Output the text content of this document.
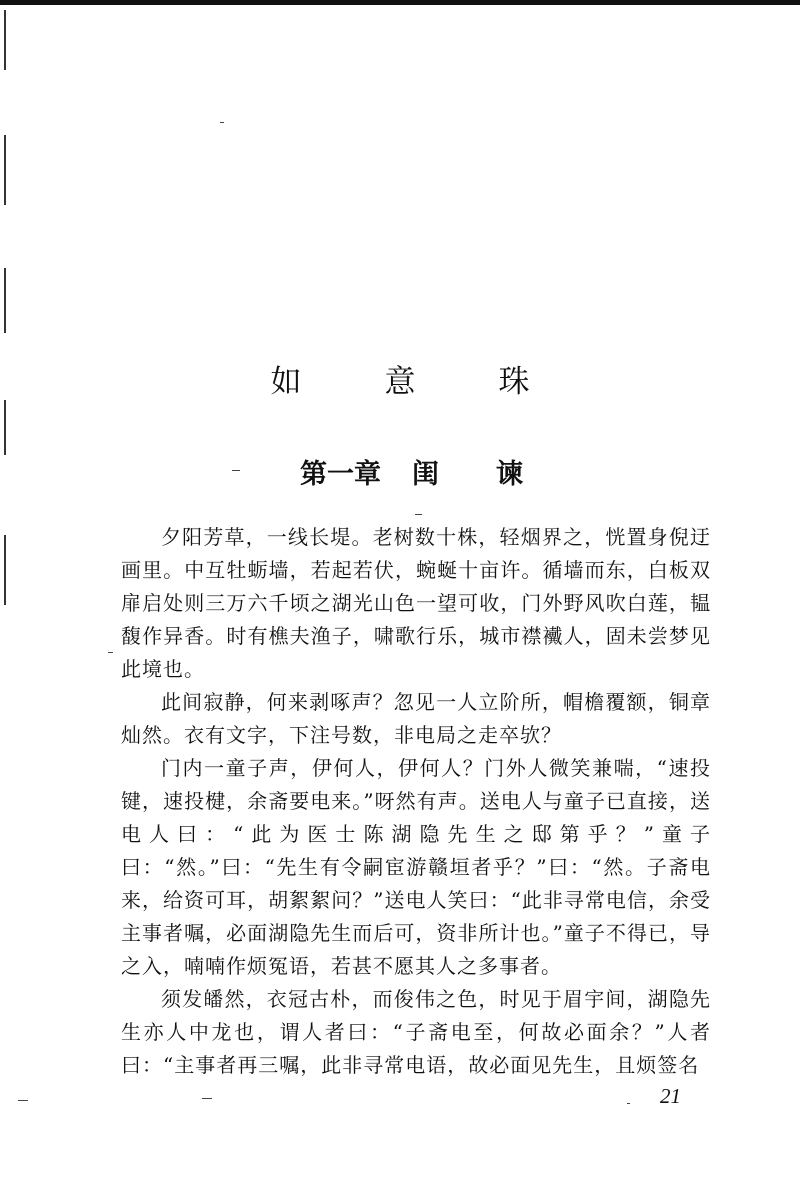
如　意　珠
第一章 闺 谏

夕阳芳草，一线长堤。老树数十株，轻烟界之，恍置身倪迂画里。中互牡蛎墙，若起若伏，蜿蜒十亩许。循墙而东，白板双扉启处则三万六千顷之湖光山色一望可收，门外野风吹白莲，韫馥作异香。时有樵夫渔子，啸歌行乐，城市襟襶人，固未尝梦见此境也。

此间寂静，何来剥啄声？忽见一人立阶所，帽檐覆额，铜章灿然。衣有文字，下注号数，非电局之走卒欤？

门内一童子声，伊何人，伊何人？门外人微笑兼喘，“速投键，速投楗，余斋要电来。”呀然有声。送电人与童子已直接，送电人曰：“此为医士陈湖隐先生之邸第乎？”童子曰：“然。”曰：“先生有令嗣宦游赣垣者乎？”曰：“然。子斋电来，给资可耳，胡絮絮问？”送电人笑曰：“此非寻常电信，余受主事者嘱，必面湖隐先生而后可，资非所计也。”童子不得已，导之入，喃喃作烦冤语，若甚不愿其人之多事者。

须发皤然，衣冠古朴，而俊伟之色，时见于眉宇间，湖隐先生亦人中龙也，谓人者曰：“子斋电至，何故必面余？”人者曰：“主事者再三嘱，此非寻常电语，故必面见先生，且烦签名

21
